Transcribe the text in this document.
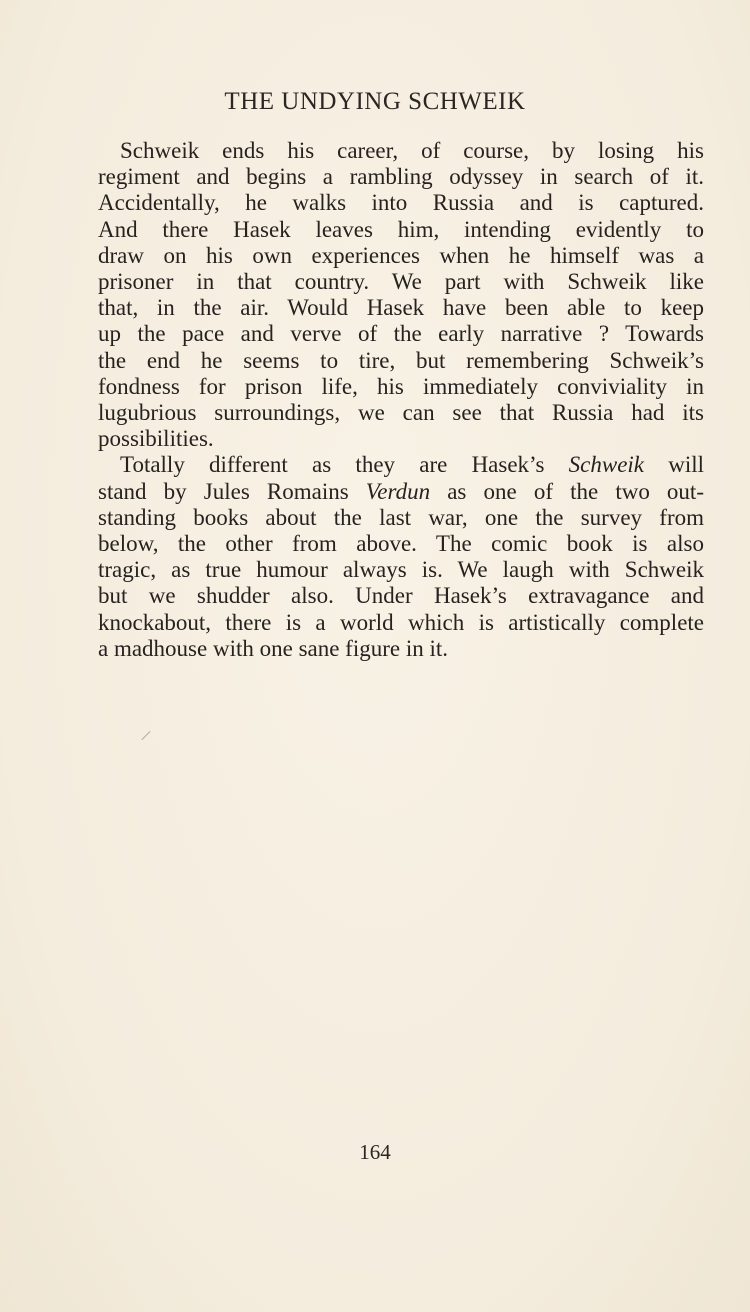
THE UNDYING SCHWEIK

Schweik ends his career, of course, by losing his
regiment and begins a rambling odyssey in search of it.
Accidentally, he walks into Russia and is captured.
And there Hasek leaves him, intending evidently to
draw on his own experiences when he himself was a
prisoner in that country. We part with Schweik like
that, in the air. Would Hasek have been able to keep
up the pace and verve of the early narrative ? Towards
the end he seems to tire, but remembering Schweik’s
fondness for prison life, his immediately conviviality in
lugubrious surroundings, we can see that Russia had its
possibilities.

Totally different as they are Hasek’s Schweik will
stand by Jules Romains Verdun as one of the two out-
standing books about the last war, one the survey from
below, the other from above. The comic book is also
tragic, as true humour always is. We laugh with Schweik
but we shudder also. Under Hasek’s extravagance and
knockabout, there is a world which is artistically complete
a madhouse with one sane figure in it.

164
